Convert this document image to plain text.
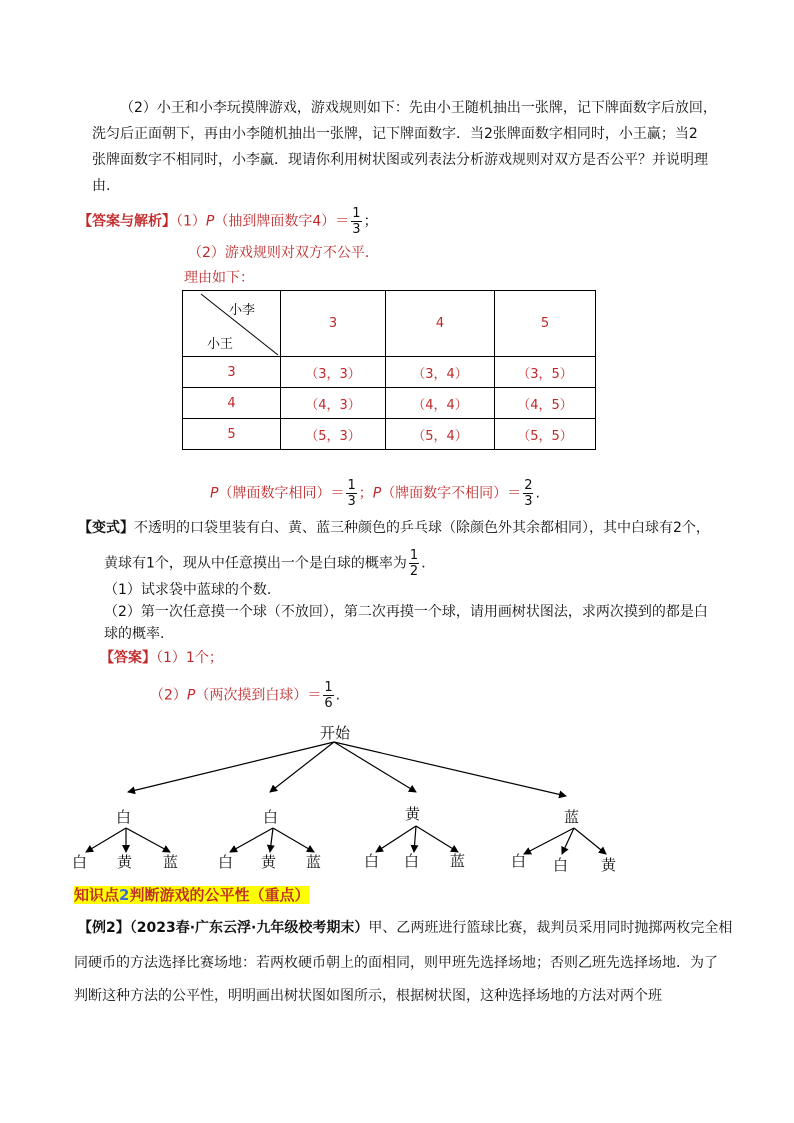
（2）小王和小李玩摸牌游戏，游戏规则如下：先由小王随机抽出一张牌，记下牌面数字后放回，
洗匀后正面朝下，再由小李随机抽出一张牌，记下牌面数字．当2张牌面数字相同时，小王赢；当2
张牌面数字不相同时，小李赢．现请你利用树状图或列表法分析游戏规则对双方是否公平？并说明理
由.
【答案与解析】（1）P（抽到牌面数字$4)= \frac{1}{3}$ ；
（2）游戏规则对双方不公平．
理由如下：
小李
小王	3	4	5
3	（3，3）	（3，4）	（3，5）
4	（4，3）	（4，4）	（4，5）
5	（5，3）	（5，4）	（5，5）
P（牌面数字相同）＝ $\frac{1}{3}$ ；P（牌面数字不相同）＝ $\frac{2}{3}$ .
【变式】不透明的口袋里装有白、黄、蓝三种颜色的乒乓球（除颜色外其余都相同），其中白球有2个，
黄球有1个，现从中任意摸出一个是白球的概率为 $\frac{1}{2}$ ．
（1）试求袋中蓝球的个数.
（2）第一次任意摸一个球（不放回），第二次再摸一个球，请用画树状图法，求两次摸到的都是白
球的概率.
【答案】（1）1个；
（2）P（两次摸到白球）＝ $\frac{1}{6}$ .
开始
白
白 黄 蓝
白
白 黄 蓝
黄
白 白 蓝
蓝
白 白 黄
知识点2判断游戏的公平性（重点）
【例2】（2023春·广东云浮·九年级校考期末）甲、乙两班进行篮球比赛，裁判员采用同时抛掷两枚完全相
同硬币的方法选择比赛场地：若两枚硬币朝上的面相同，则甲班先选择场地；否则乙班先选择场地．为了
判断这种方法的公平性，明明画出树状图如图所示，根据树状图，这种选择场地的方法对两个班
